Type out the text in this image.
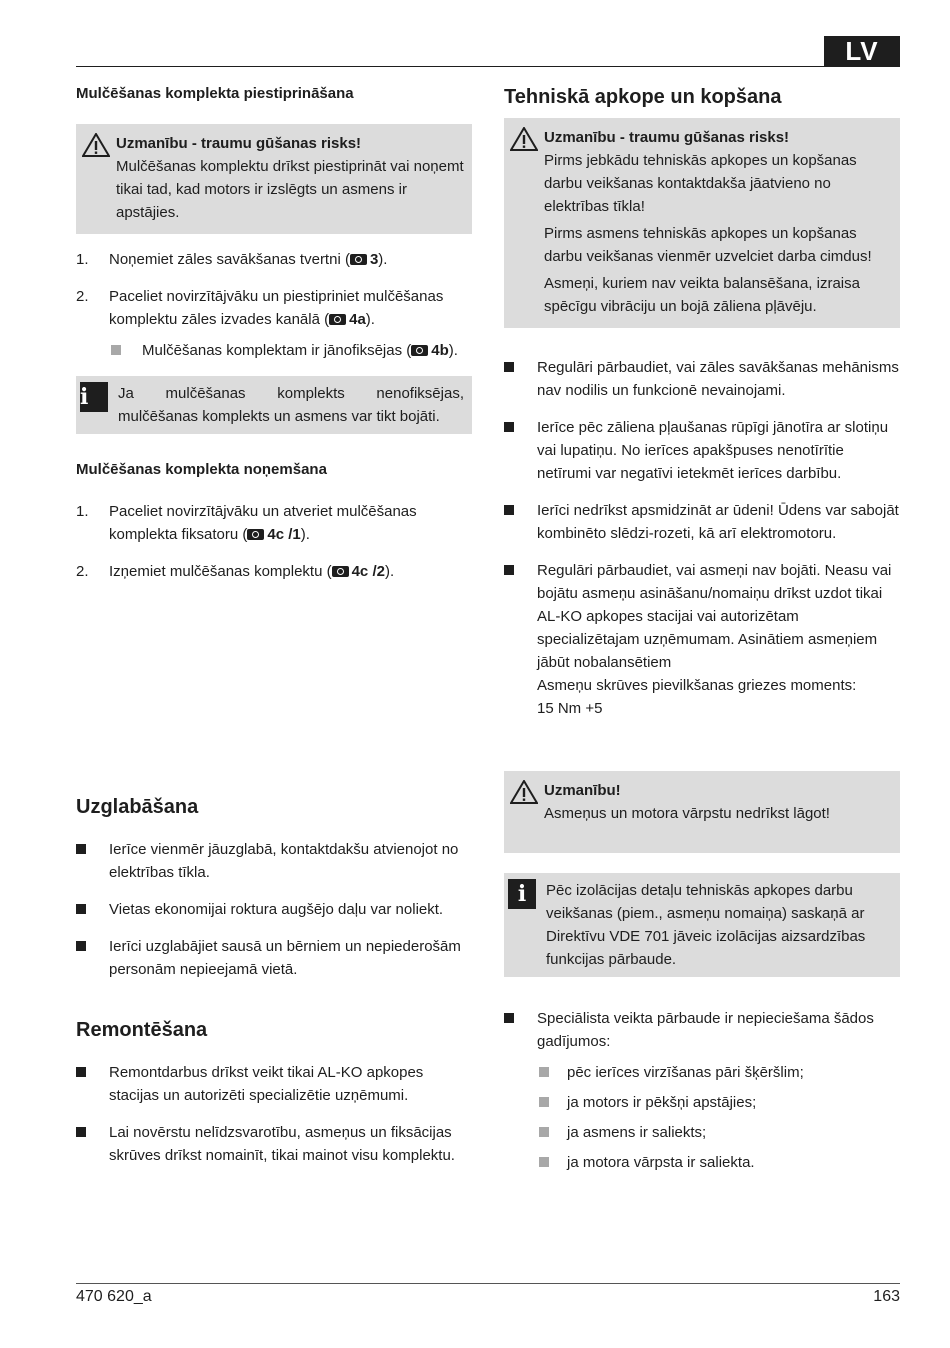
LV
Mulčēšanas komplekta piestiprināšana
Uzmanību - traumu gūšanas risks!

Mulčēšanas komplektu drīkst piestiprināt vai noņemt tikai tad, kad motors ir izslēgts un asmens ir apstājies.

1. Noņemiet zāles savākšanas tvertni ( 3).
2. Paceliet novirzītājvāku un piestipriniet mulčēšanas komplektu zāles izvades kanālā ( 4a).
Mulčēšanas komplektam ir jānofiksējas ( 4b).
i	Ja mulčēšanas komplekts nenofiksējas, mulčēšanas komplekts un asmens var tikt bojāti.
Mulčēšanas komplekta noņemšana
1. Paceliet novirzītājvāku un atveriet mulčēšanas komplekta fiksatoru ( 4c /1).
2. Izņemiet mulčēšanas komplektu ( 4c /2).
Uzglabāšana
Ierīce vienmēr jāuzglabā, kontaktdakšu atvienojot no elektrības tīkla.
Vietas ekonomijai roktura augšējo daļu var noliekt.
Ierīci uzglabājiet sausā un bērniem un nepiederošām personām nepieejamā vietā.
Remontēšana
Remontdarbus drīkst veikt tikai AL-KO apkopes stacijas un autorizēti specializētie uzņēmumi.
Lai novērstu nelīdzsvarotību, asmeņus un fiksācijas skrūves drīkst nomainīt, tikai mainot visu komplektu.
Tehniskā apkope un kopšana
Uzmanību - traumu gūšanas risks!

Pirms jebkādu tehniskās apkopes un kopšanas darbu veikšanas kontaktdakša jāatvieno no elektrības tīkla!

Pirms asmens tehniskās apkopes un kopšanas darbu veikšanas vienmēr uzvelciet darba cimdus!

Asmeņi, kuriem nav veikta balansēšana, izraisa spēcīgu vibrāciju un bojā zāliena pļāvēju.

Regulāri pārbaudiet, vai zāles savākšanas mehānisms nav nodilis un funkcionē nevainojami.
Ierīce pēc zāliena pļaušanas rūpīgi jānotīra ar slotiņu vai lupatiņu. No ierīces apakšpuses nenotīrītie netīrumi var negatīvi ietekmēt ierīces darbību.
Ierīci nedrīkst apsmidzināt ar ūdeni! Ūdens var sabojāt kombinēto slēdzi-rozeti, kā arī elektromotoru.
Regulāri pārbaudiet, vai asmeņi nav bojāti. Neasu vai bojātu asmeņu asināšanu/nomaiņu drīkst uzdot tikai AL-KO apkopes stacijai vai autorizētam specializētajam uzņēmumam. Asinātiem asmeņiem jābūt nobalansētiem
Asmeņu skrūves pievilkšanas griezes moments:
15 Nm +5
Uzmanību!

Asmeņus un motora vārpstu nedrīkst lāgot!

i	Pēc izolācijas detaļu tehniskās apkopes darbu veikšanas (piem., asmeņu nomaiņa) saskaņā ar Direktīvu VDE 701 jāveic izolācijas aizsardzības funkcijas pārbaude.
Speciālista veikta pārbaude ir nepieciešama šādos gadījumos:
pēc ierīces virzīšanas pāri šķēršlim;
ja motors ir pēkšņi apstājies;
ja asmens ir saliekts;
ja motora vārpsta ir saliekta.
470 620_a	163
